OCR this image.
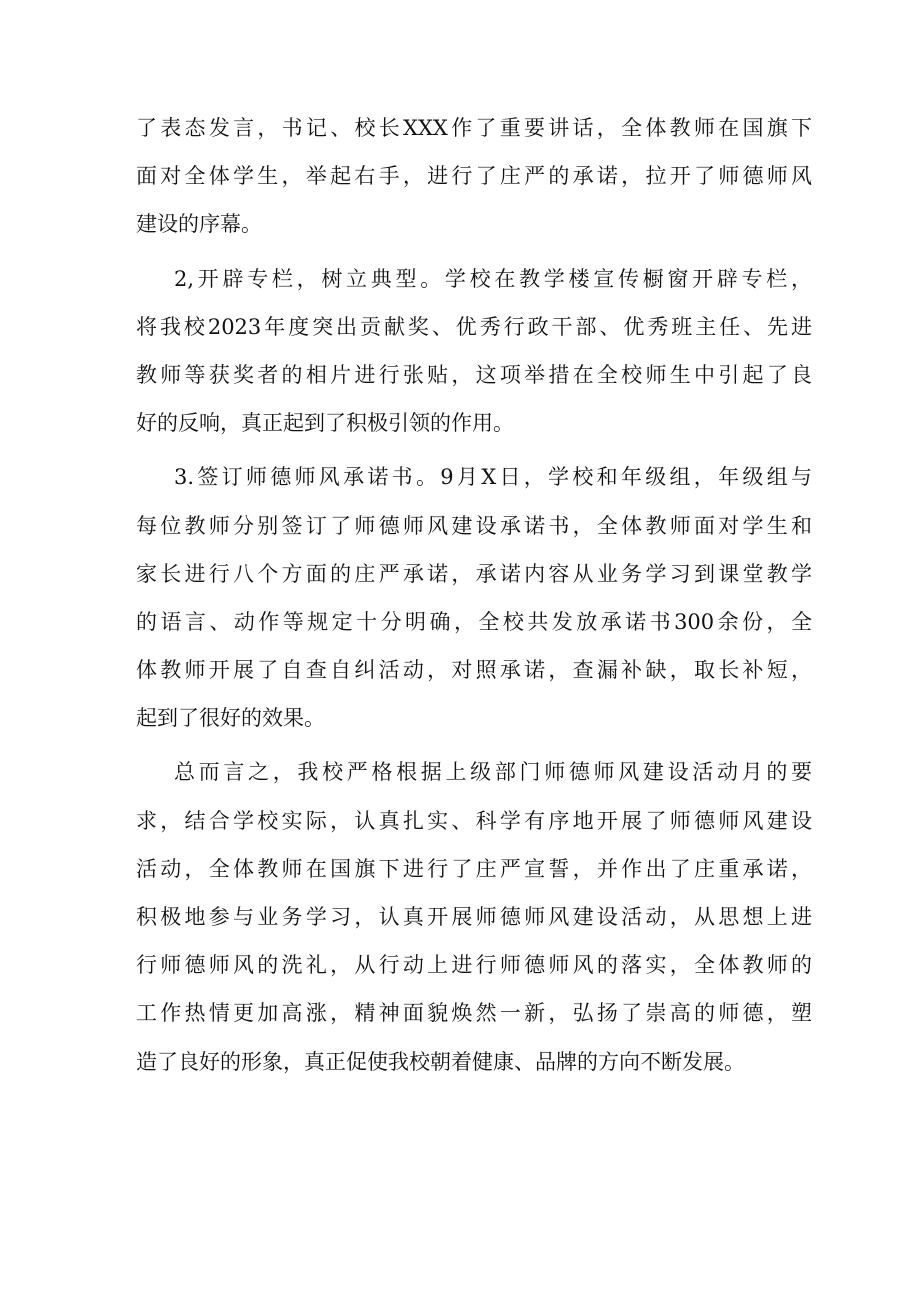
了表态发言，书记、校长XXX作了重要讲话，全体教师在国旗下
面对全体学生，举起右手，进行了庄严的承诺，拉开了师德师风
建设的序幕。
2,开辟专栏，树立典型。学校在教学楼宣传橱窗开辟专栏，
将我校2023年度突出贡献奖、优秀行政干部、优秀班主任、先进
教师等获奖者的相片进行张贴，这项举措在全校师生中引起了良
好的反响，真正起到了积极引领的作用。
3.签订师德师风承诺书。9月X日，学校和年级组，年级组与
每位教师分别签订了师德师风建设承诺书，全体教师面对学生和
家长进行八个方面的庄严承诺，承诺内容从业务学习到课堂教学
的语言、动作等规定十分明确，全校共发放承诺书300余份，全
体教师开展了自查自纠活动，对照承诺，查漏补缺，取长补短，
起到了很好的效果。
总而言之，我校严格根据上级部门师德师风建设活动月的要
求，结合学校实际，认真扎实、科学有序地开展了师德师风建设
活动，全体教师在国旗下进行了庄严宣誓，并作出了庄重承诺，
积极地参与业务学习，认真开展师德师风建设活动，从思想上进
行师德师风的洗礼，从行动上进行师德师风的落实，全体教师的
工作热情更加高涨，精神面貌焕然一新，弘扬了崇高的师德，塑
造了良好的形象，真正促使我校朝着健康、品牌的方向不断发展。
